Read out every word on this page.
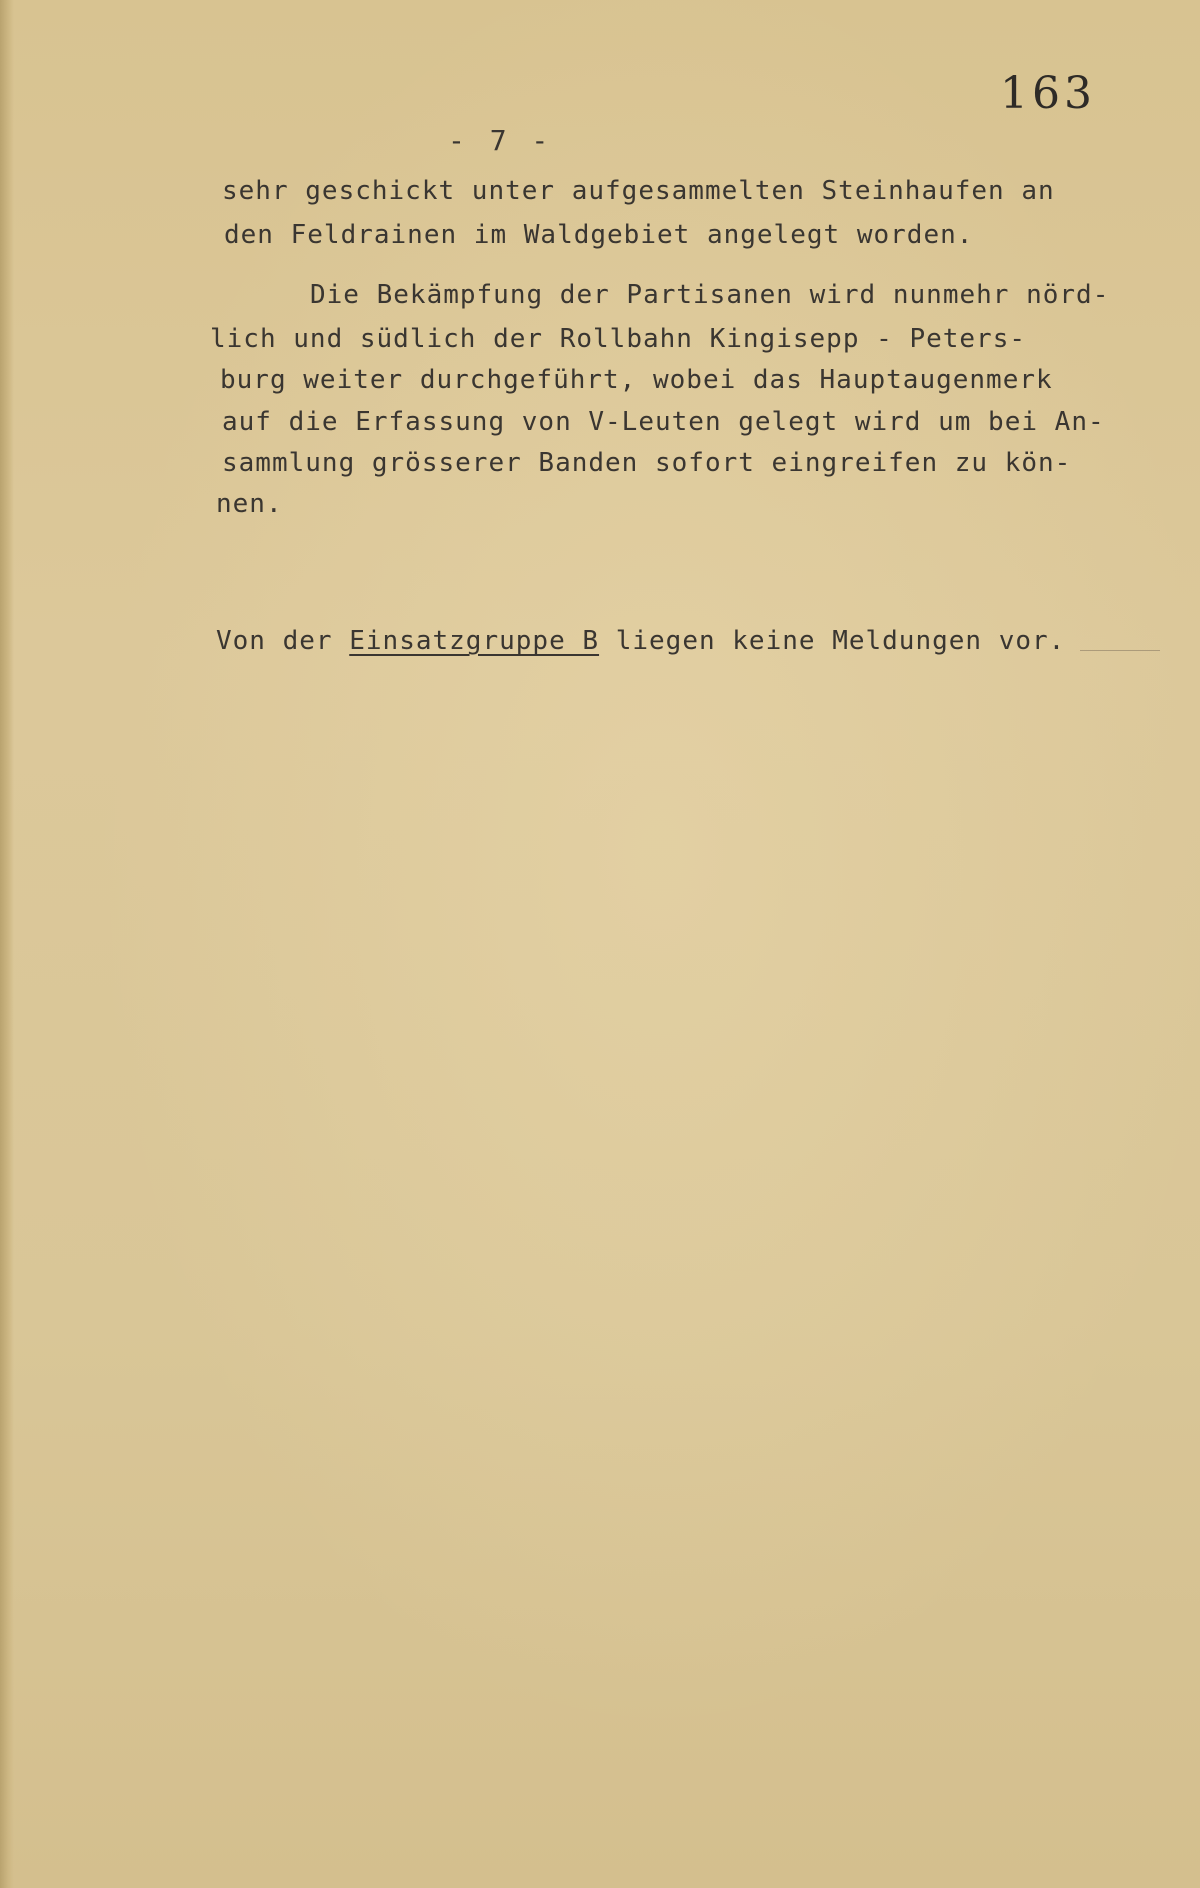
163
- 7 -
sehr geschickt unter aufgesammelten Steinhaufen an
den Feldrainen im Waldgebiet angelegt worden.
Die Bekämpfung der Partisanen wird nunmehr nörd-
lich und südlich der Rollbahn Kingisepp - Peters-
burg weiter durchgeführt, wobei das Hauptaugenmerk
auf die Erfassung von V-Leuten gelegt wird um bei An-
sammlung grösserer Banden sofort eingreifen zu kön-
nen.
Von der Einsatzgruppe B liegen keine Meldungen vor.
